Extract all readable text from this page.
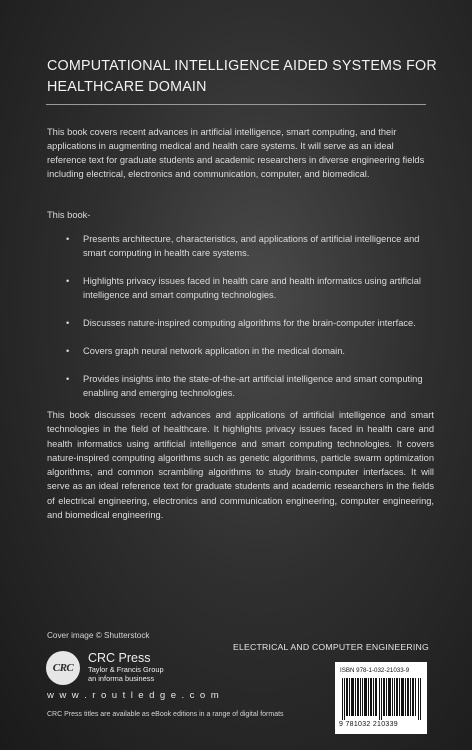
COMPUTATIONAL INTELLIGENCE AIDED SYSTEMS FOR HEALTHCARE DOMAIN

This book covers recent advances in artificial intelligence, smart computing, and their applications in augmenting medical and health care systems. It will serve as an ideal reference text for graduate students and academic researchers in diverse engineering fields including electrical, electronics and communication, computer, and biomedical.

This book-

• Presents architecture, characteristics, and applications of artificial intelligence and smart computing in health care systems.
• Highlights privacy issues faced in health care and health informatics using artificial intelligence and smart computing technologies.
• Discusses nature-inspired computing algorithms for the brain-computer interface.
• Covers graph neural network application in the medical domain.
• Provides insights into the state-of-the-art artificial intelligence and smart computing enabling and emerging technologies.

This book discusses recent advances and applications of artificial intelligence and smart technologies in the field of healthcare. It highlights privacy issues faced in health care and health informatics using artificial intelligence and smart computing technologies. It covers nature-inspired computing algorithms such as genetic algorithms, particle swarm optimization algorithms, and common scrambling algorithms to study brain-computer interfaces. It will serve as an ideal reference text for graduate students and academic researchers in the fields of electrical engineering, electronics and communication engineering, computer engineering, and biomedical engineering.

Cover image © Shutterstock
CRC
CRC Press
Taylor & Francis Group
an informa business
w w w . r o u t l e d g e . c o m
CRC Press titles are available as eBook editions in a range of digital formats
ELECTRICAL AND COMPUTER ENGINEERING
ISBN 978-1-032-21033-9
9 781032 210339
